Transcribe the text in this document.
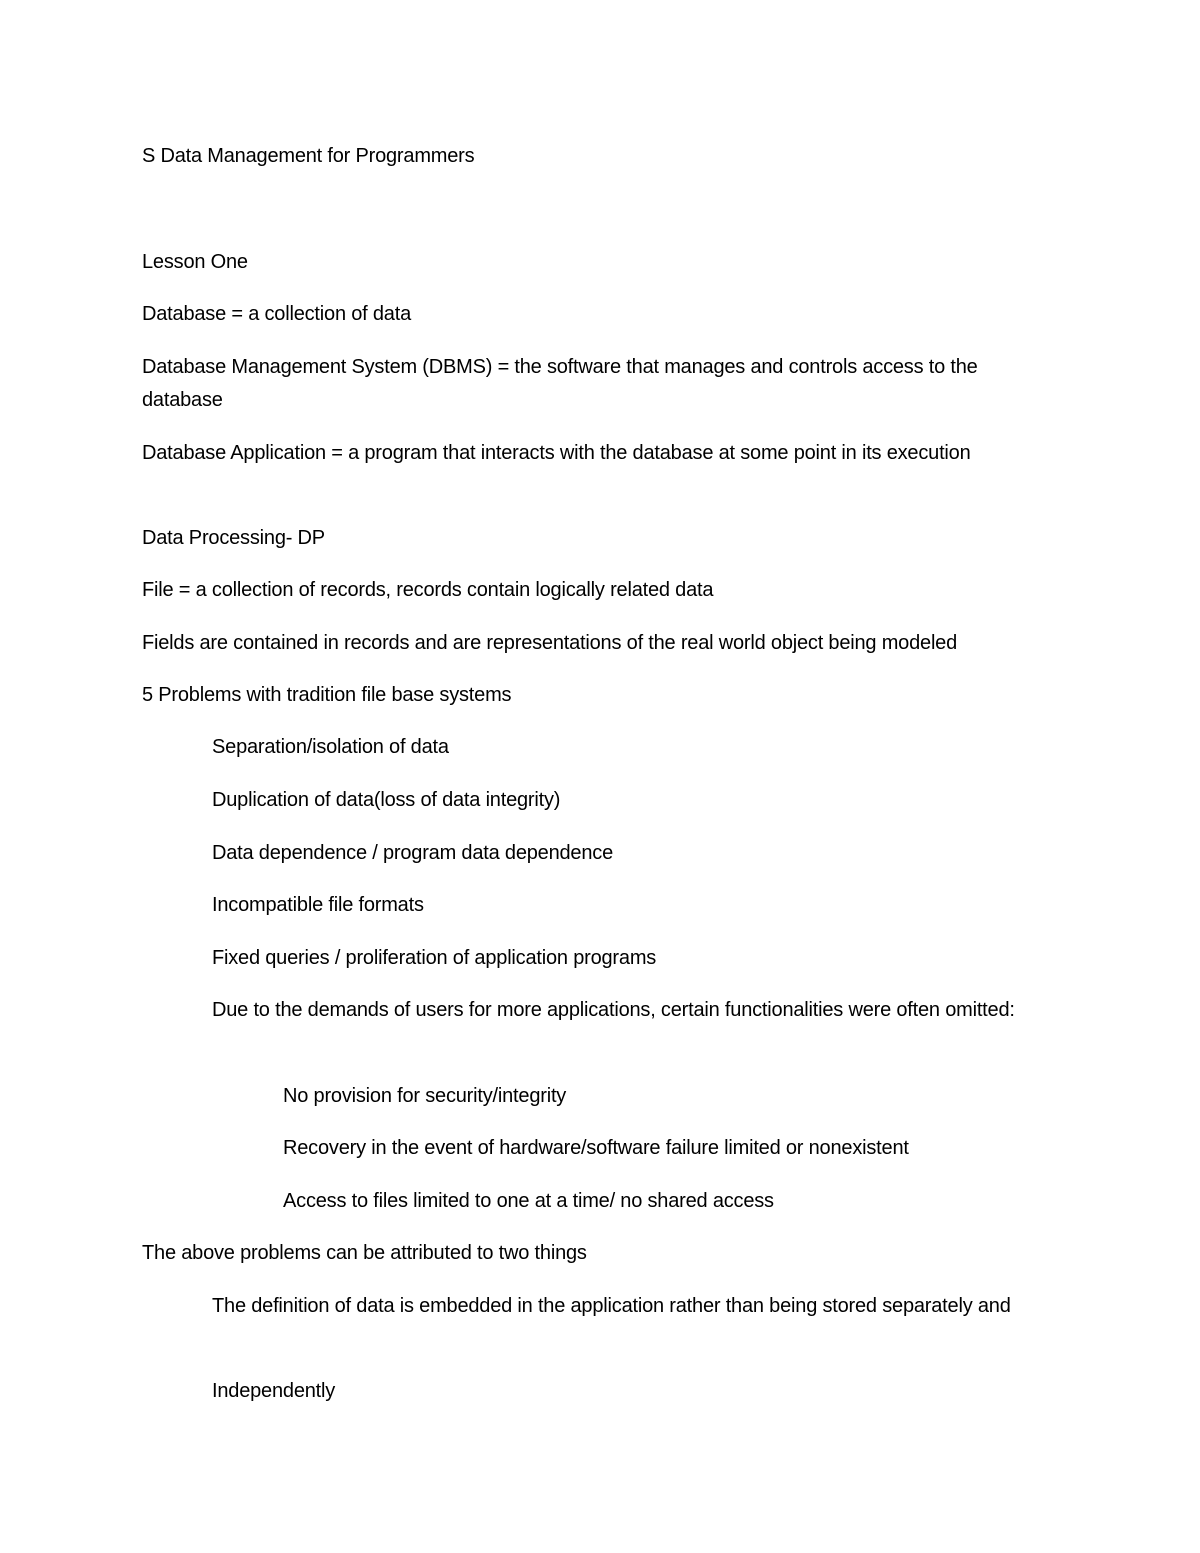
S Data Management for Programmers
Lesson One
Database = a collection of data
Database Management System (DBMS) = the software that manages and controls access to the database
Database Application = a program that interacts with the database at some point in its execution
Data Processing- DP
File = a collection of records, records contain logically related data
Fields are contained in records and are representations of the real world object being modeled
5 Problems with tradition file base systems
Separation/isolation of data
Duplication of data(loss of data integrity)
Data dependence / program data dependence
Incompatible file formats
Fixed queries / proliferation of application programs
Due to the demands of users for more applications, certain functionalities were often omitted:
No provision for security/integrity
Recovery in the event of hardware/software failure limited or nonexistent
Access to files limited to one at a time/ no shared access
The above problems can be attributed to two things
The definition of data is embedded in the application rather than being stored separately and
Independently
